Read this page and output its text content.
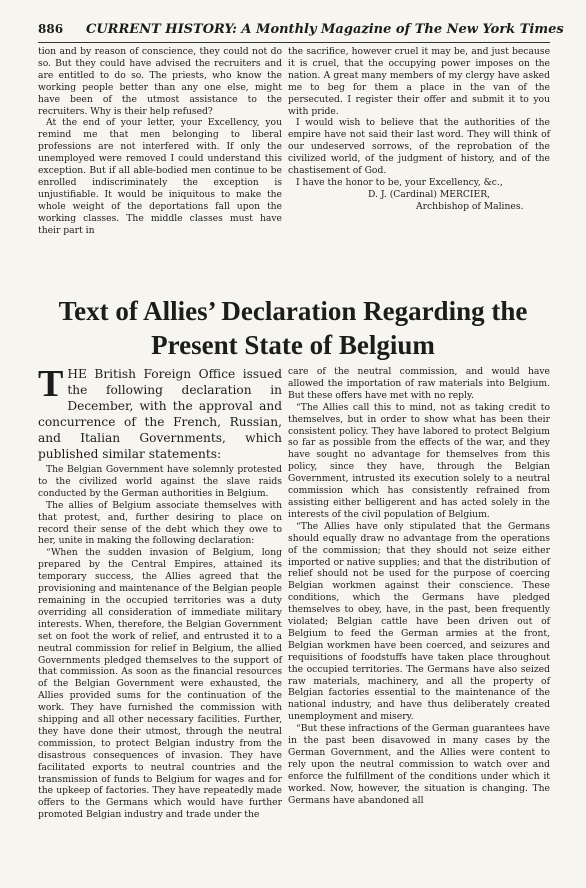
886 CURRENT HISTORY: A Monthly Magazine of The New York Times

tion and by reason of conscience, they could not do so. But they could have advised the recruiters and are entitled to do so. The priests, who know the working people better than any one else, might have been of the utmost assistance to the recruiters. Why is their help refused?

At the end of your letter, your Excellency, you remind me that men belonging to liberal professions are not interfered with. If only the unemployed were removed I could understand this exception. But if all able-bodied men continue to be enrolled indiscriminately the exception is unjustifiable. It would be iniquitous to make the whole weight of the deportations fall upon the working classes. The middle classes must have their part in

the sacrifice, however cruel it may be, and just because it is cruel, that the occupying power imposes on the nation. A great many members of my clergy have asked me to beg for them a place in the van of the persecuted. I register their offer and submit it to you with pride.

I would wish to believe that the authorities of the empire have not said their last word. They will think of our undeserved sorrows, of the reprobation of the civilized world, of the judgment of history, and of the chastisement of God.

I have the honor to be, your Excellency, &c.,

D. J. (Cardinal) MERCIER,

Archbishop of Malines.

Text of Allies’ Declaration Regarding the
Present State of Belgium
THE British Foreign Office issued the following declaration in December, with the approval and concurrence of the French, Russian, and Italian Governments, which published similar statements:

The Belgian Government have solemnly protested to the civilized world against the slave raids conducted by the German authorities in Belgium.

The allies of Belgium associate themselves with that protest, and, further desiring to place on record their sense of the debt which they owe to her, unite in making the following declaration:

“When the sudden invasion of Belgium, long prepared by the Central Empires, attained its temporary success, the Allies agreed that the provisioning and maintenance of the Belgian people remaining in the occupied territories was a duty overriding all consideration of immediate military interests. When, therefore, the Belgian Government set on foot the work of relief, and entrusted it to a neutral commission for relief in Belgium, the allied Governments pledged themselves to the support of that commission. As soon as the financial resources of the Belgian Government were exhausted, the Allies provided sums for the continuation of the work. They have furnished the commission with shipping and all other necessary facilities. Further, they have done their utmost, through the neutral commission, to protect Belgian industry from the disastrous consequences of invasion. They have facilitated exports to neutral countries and the transmission of funds to Belgium for wages and for the upkeep of factories. They have repeatedly made offers to the Germans which would have further promoted Belgian industry and trade under the

care of the neutral commission, and would have allowed the importation of raw materials into Belgium. But these offers have met with no reply.

“The Allies call this to mind, not as taking credit to themselves, but in order to show what has been their consistent policy. They have labored to protect Belgium so far as possible from the effects of the war, and they have sought no advantage for themselves from this policy, since they have, through the Belgian Government, intrusted its execution solely to a neutral commission which has consistently refrained from assisting either belligerent and has acted solely in the interests of the civil population of Belgium.

“The Allies have only stipulated that the Germans should equally draw no advantage from the operations of the commission; that they should not seize either imported or native supplies; and that the distribution of relief should not be used for the purpose of coercing Belgian workmen against their conscience. These conditions, which the Germans have pledged themselves to obey, have, in the past, been frequently violated; Belgian cattle have been driven out of Belgium to feed the German armies at the front, Belgian workmen have been coerced, and seizures and requisitions of foodstuffs have taken place throughout the occupied territories. The Germans have also seized raw materials, machinery, and all the property of Belgian factories essential to the maintenance of the national industry, and have thus deliberately created unemployment and misery.

“But these infractions of the German guarantees have in the past been disavowed in many cases by the German Government, and the Allies were content to rely upon the neutral commission to watch over and enforce the fulfillment of the conditions under which it worked. Now, however, the situation is changing. The Germans have abandoned all
